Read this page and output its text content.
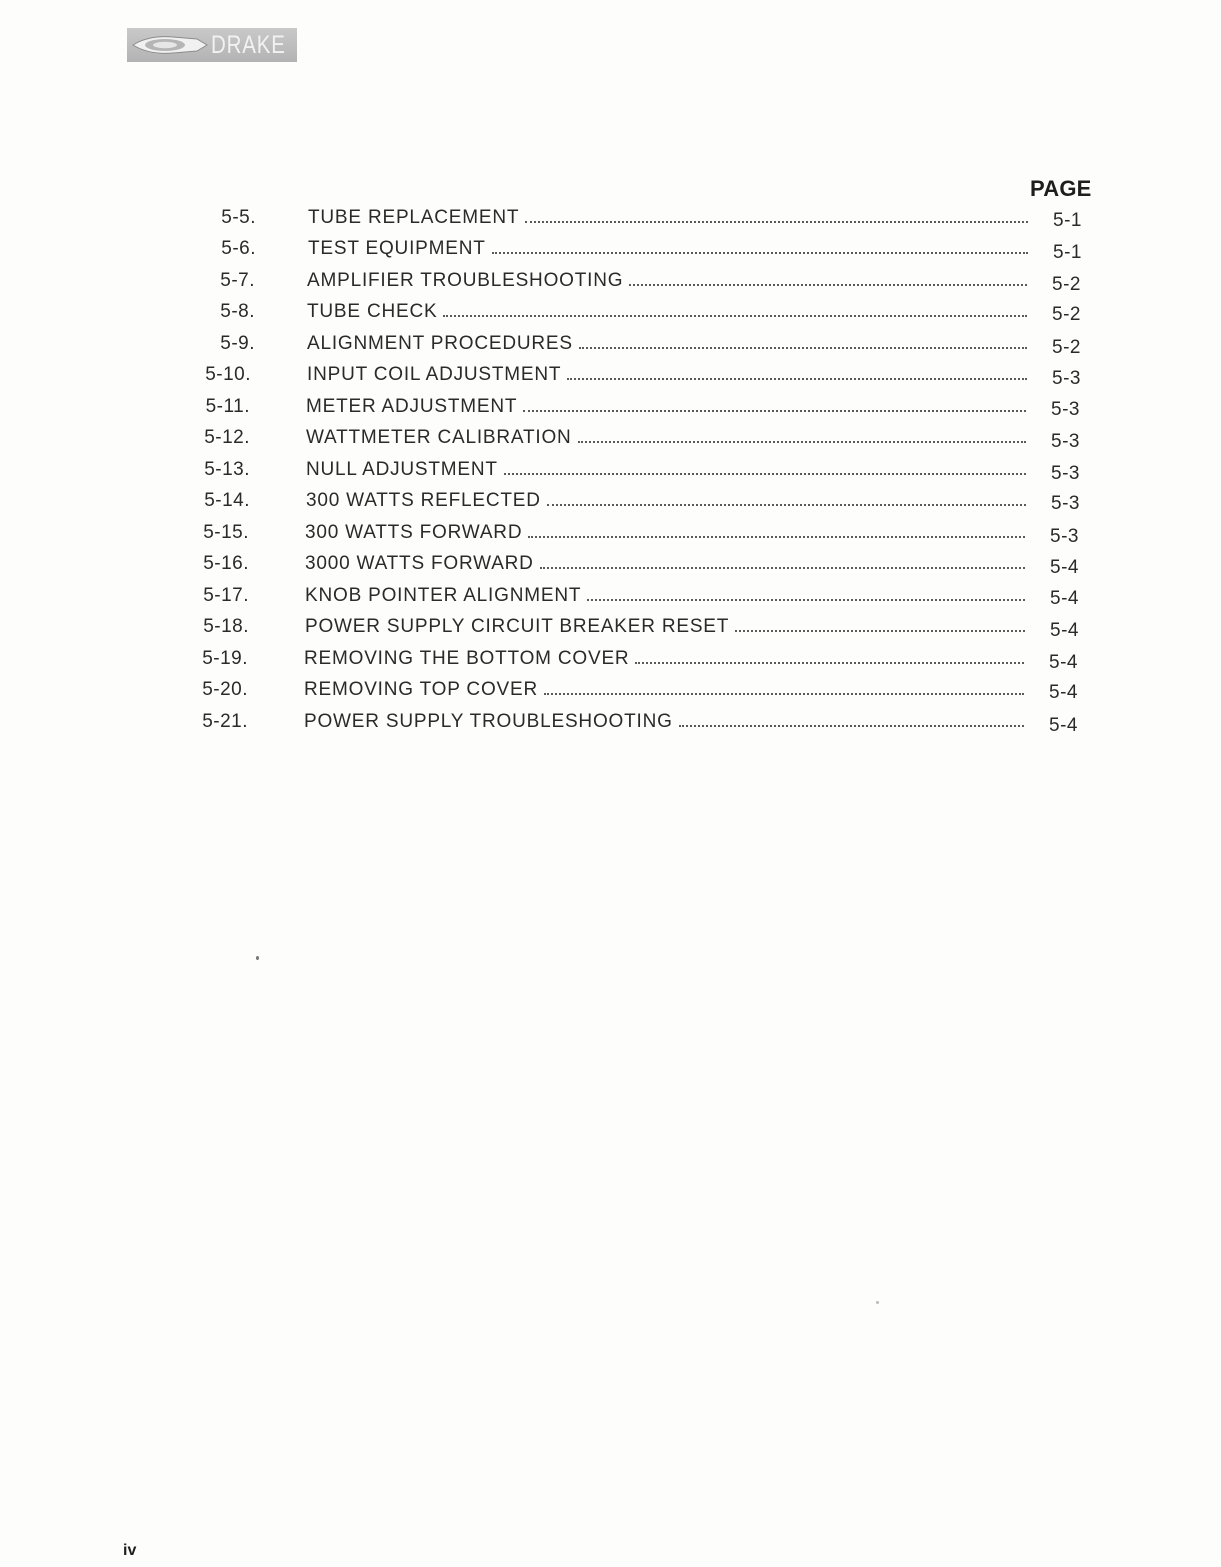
DRAKE
PAGE
5-5.	TUBE REPLACEMENT	5-1
5-6.	TEST EQUIPMENT	5-1
5-7.	AMPLIFIER TROUBLESHOOTING	5-2
5-8.	TUBE CHECK	5-2
5-9.	ALIGNMENT PROCEDURES	5-2
5-10.	INPUT COIL ADJUSTMENT	5-3
5-11.	METER ADJUSTMENT	5-3
5-12.	WATTMETER CALIBRATION	5-3
5-13.	NULL ADJUSTMENT	5-3
5-14.	300 WATTS REFLECTED	5-3
5-15.	300 WATTS FORWARD	5-3
5-16.	3000 WATTS FORWARD	5-4
5-17.	KNOB POINTER ALIGNMENT	5-4
5-18.	POWER SUPPLY CIRCUIT BREAKER RESET	5-4
5-19.	REMOVING THE BOTTOM COVER	5-4
5-20.	REMOVING TOP COVER	5-4
5-21.	POWER SUPPLY TROUBLESHOOTING	5-4
iv
